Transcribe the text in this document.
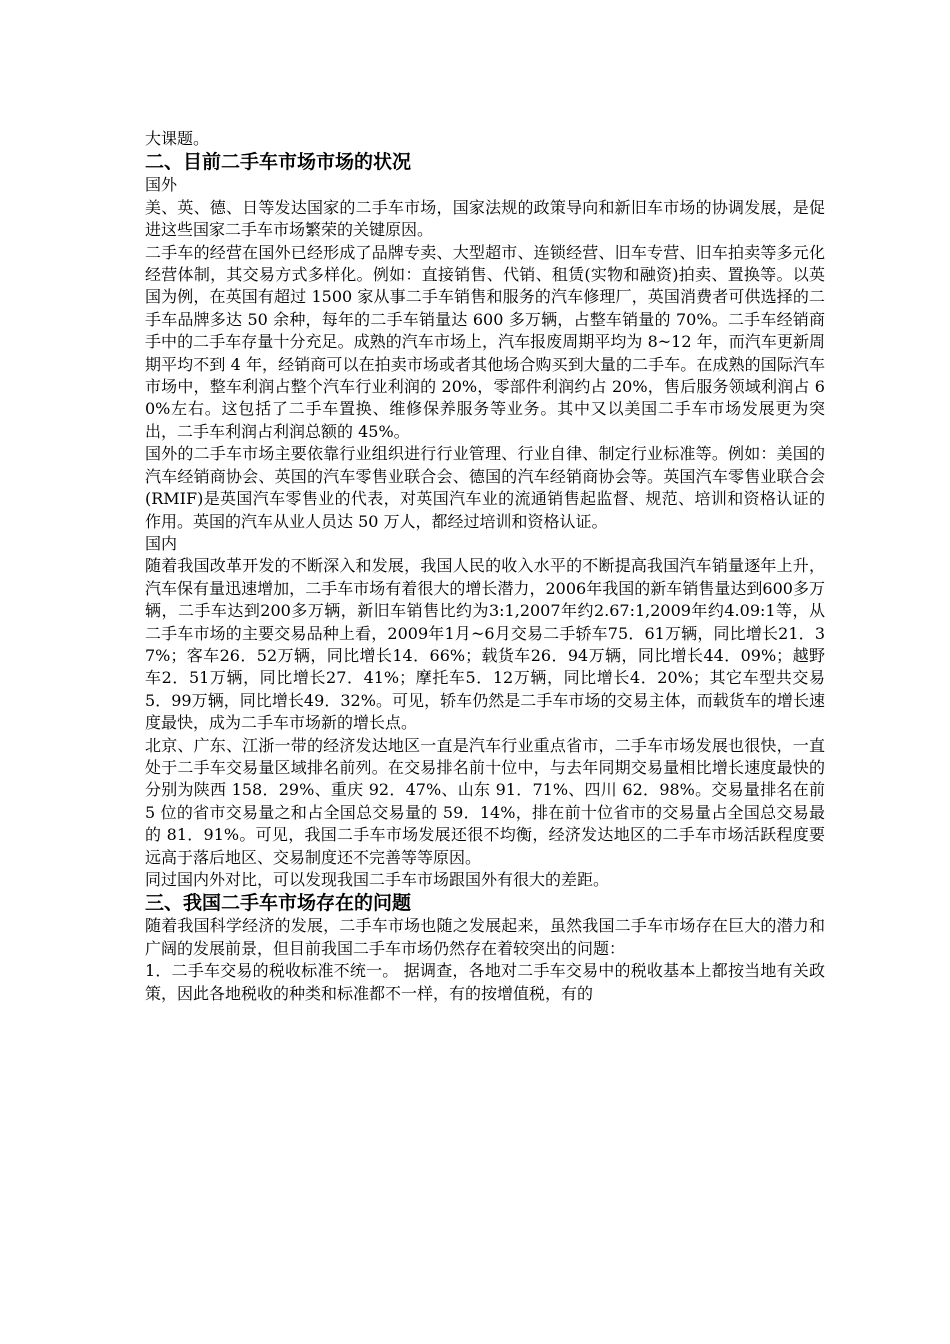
大课题。

二、目前二手车市场市场的状况

国外

美、英、德、日等发达国家的二手车市场，国家法规的政策导向和新旧车市场的协调发展，是促进这些国家二手车市场繁荣的关键原因。

二手车的经营在国外已经形成了品牌专卖、大型超市、连锁经营、旧车专营、旧车拍卖等多元化经营体制，其交易方式多样化。例如：直接销售、代销、租赁(实物和融资)拍卖、置换等。以英国为例，在英国有超过 1500 家从事二手车销售和服务的汽车修理厂，英国消费者可供选择的二手车品牌多达 50 余种，每年的二手车销量达 600 多万辆，占整车销量的 70%。二手车经销商手中的二手车存量十分充足。成熟的汽车市场上，汽车报废周期平均为 8~12 年，而汽车更新周期平均不到 4 年，经销商可以在拍卖市场或者其他场合购买到大量的二手车。在成熟的国际汽车市场中，整车利润占整个汽车行业利润的 20%，零部件利润约占 20%，售后服务领域利润占 60%左右。这包括了二手车置换、维修保养服务等业务。其中又以美国二手车市场发展更为突出，二手车利润占利润总额的 45%。

国外的二手车市场主要依靠行业组织进行行业管理、行业自律、制定行业标准等。例如：美国的汽车经销商协会、英国的汽车零售业联合会、德国的汽车经销商协会等。英国汽车零售业联合会(RMIF)是英国汽车零售业的代表，对英国汽车业的流通销售起监督、规范、培训和资格认证的作用。英国的汽车从业人员达 50 万人，都经过培训和资格认证。

国内

随着我国改革开发的不断深入和发展，我国人民的收入水平的不断提高我国汽车销量逐年上升，汽车保有量迅速增加，二手车市场有着很大的增长潜力，2006年我国的新车销售量达到600多万辆，二手车达到200多万辆，新旧车销售比约为3:1,2007年约2.67:1,2009年约4.09:1等，从二手车市场的主要交易品种上看，2009年1月~6月交易二手轿车75．61万辆，同比增长21．37%；客车26．52万辆，同比增长14．66%；载货车26．94万辆，同比增长44．09%；越野车2．51万辆，同比增长27．41%；摩托车5．12万辆，同比增长4．20%；其它车型共交易5．99万辆，同比增长49．32%。可见，轿车仍然是二手车市场的交易主体，而载货车的增长速度最快，成为二手车市场新的增长点。

北京、广东、江浙一带的经济发达地区一直是汽车行业重点省市，二手车市场发展也很快，一直处于二手车交易量区域排名前列。在交易排名前十位中，与去年同期交易量相比增长速度最快的分别为陕西 158．29%、重庆 92．47%、山东 91．71%、四川 62．98%。交易量排名在前 5 位的省市交易量之和占全国总交易量的 59．14%，排在前十位省市的交易量占全国总交易最的 81．91%。可见，我国二手车市场发展还很不均衡，经济发达地区的二手车市场活跃程度要远高于落后地区、交易制度还不完善等等原因。

同过国内外对比，可以发现我国二手车市场跟国外有很大的差距。

三、我国二手车市场存在的问题

随着我国科学经济的发展，二手车市场也随之发展起来，虽然我国二手车市场存在巨大的潜力和广阔的发展前景，但目前我国二手车市场仍然存在着较突出的问题：

1．二手车交易的税收标准不统一。 据调查，各地对二手车交易中的税收基本上都按当地有关政策，因此各地税收的种类和标准都不一样，有的按增值税，有的
